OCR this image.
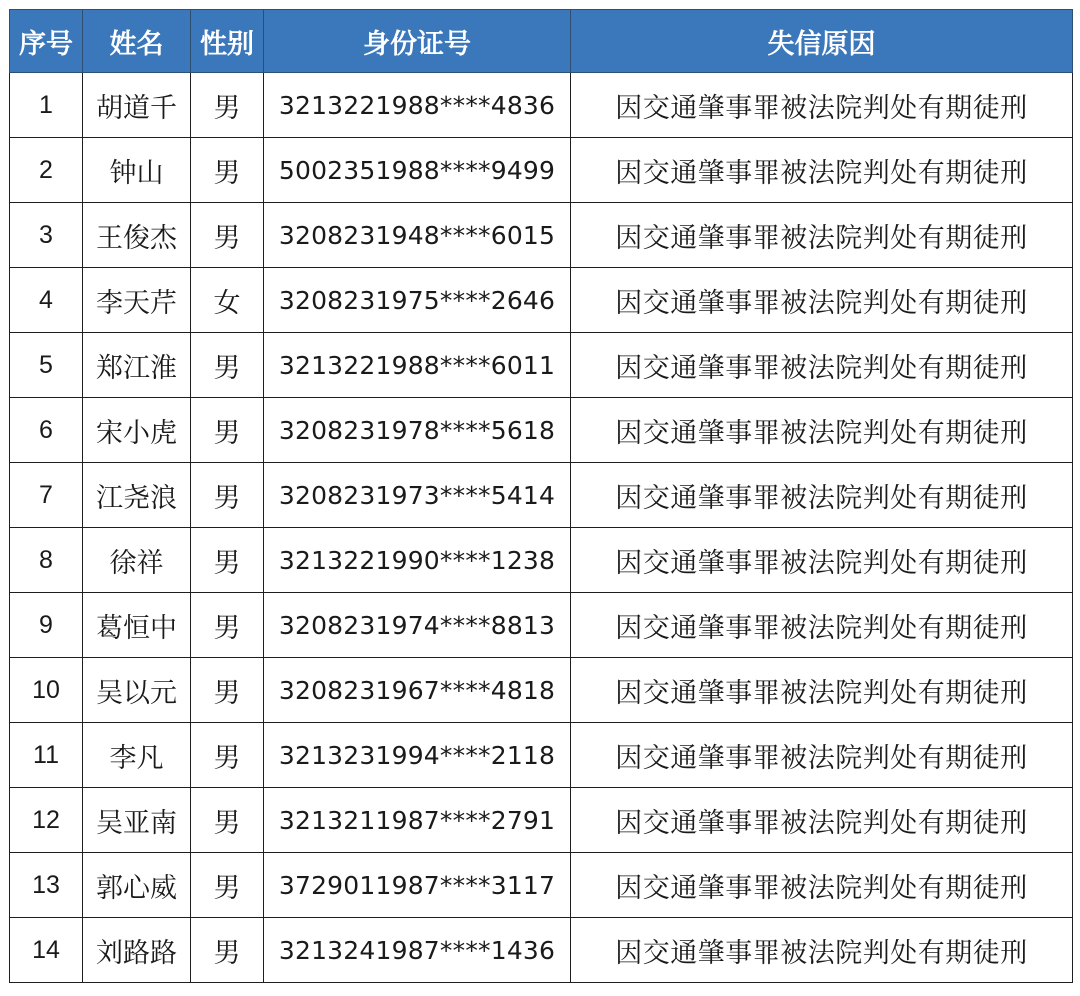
序号	姓名	性别	身份证号	失信原因
1	胡道千	男	3213221988****4836	因交通肇事罪被法院判处有期徒刑
2	钟山	男	5002351988****9499	因交通肇事罪被法院判处有期徒刑
3	王俊杰	男	3208231948****6015	因交通肇事罪被法院判处有期徒刑
4	李天芹	女	3208231975****2646	因交通肇事罪被法院判处有期徒刑
5	郑江淮	男	3213221988****6011	因交通肇事罪被法院判处有期徒刑
6	宋小虎	男	3208231978****5618	因交通肇事罪被法院判处有期徒刑
7	江尧浪	男	3208231973****5414	因交通肇事罪被法院判处有期徒刑
8	徐祥	男	3213221990****1238	因交通肇事罪被法院判处有期徒刑
9	葛恒中	男	3208231974****8813	因交通肇事罪被法院判处有期徒刑
10	吴以元	男	3208231967****4818	因交通肇事罪被法院判处有期徒刑
11	李凡	男	3213231994****2118	因交通肇事罪被法院判处有期徒刑
12	吴亚南	男	3213211987****2791	因交通肇事罪被法院判处有期徒刑
13	郭心威	男	3729011987****3117	因交通肇事罪被法院判处有期徒刑
14	刘路路	男	3213241987****1436	因交通肇事罪被法院判处有期徒刑
